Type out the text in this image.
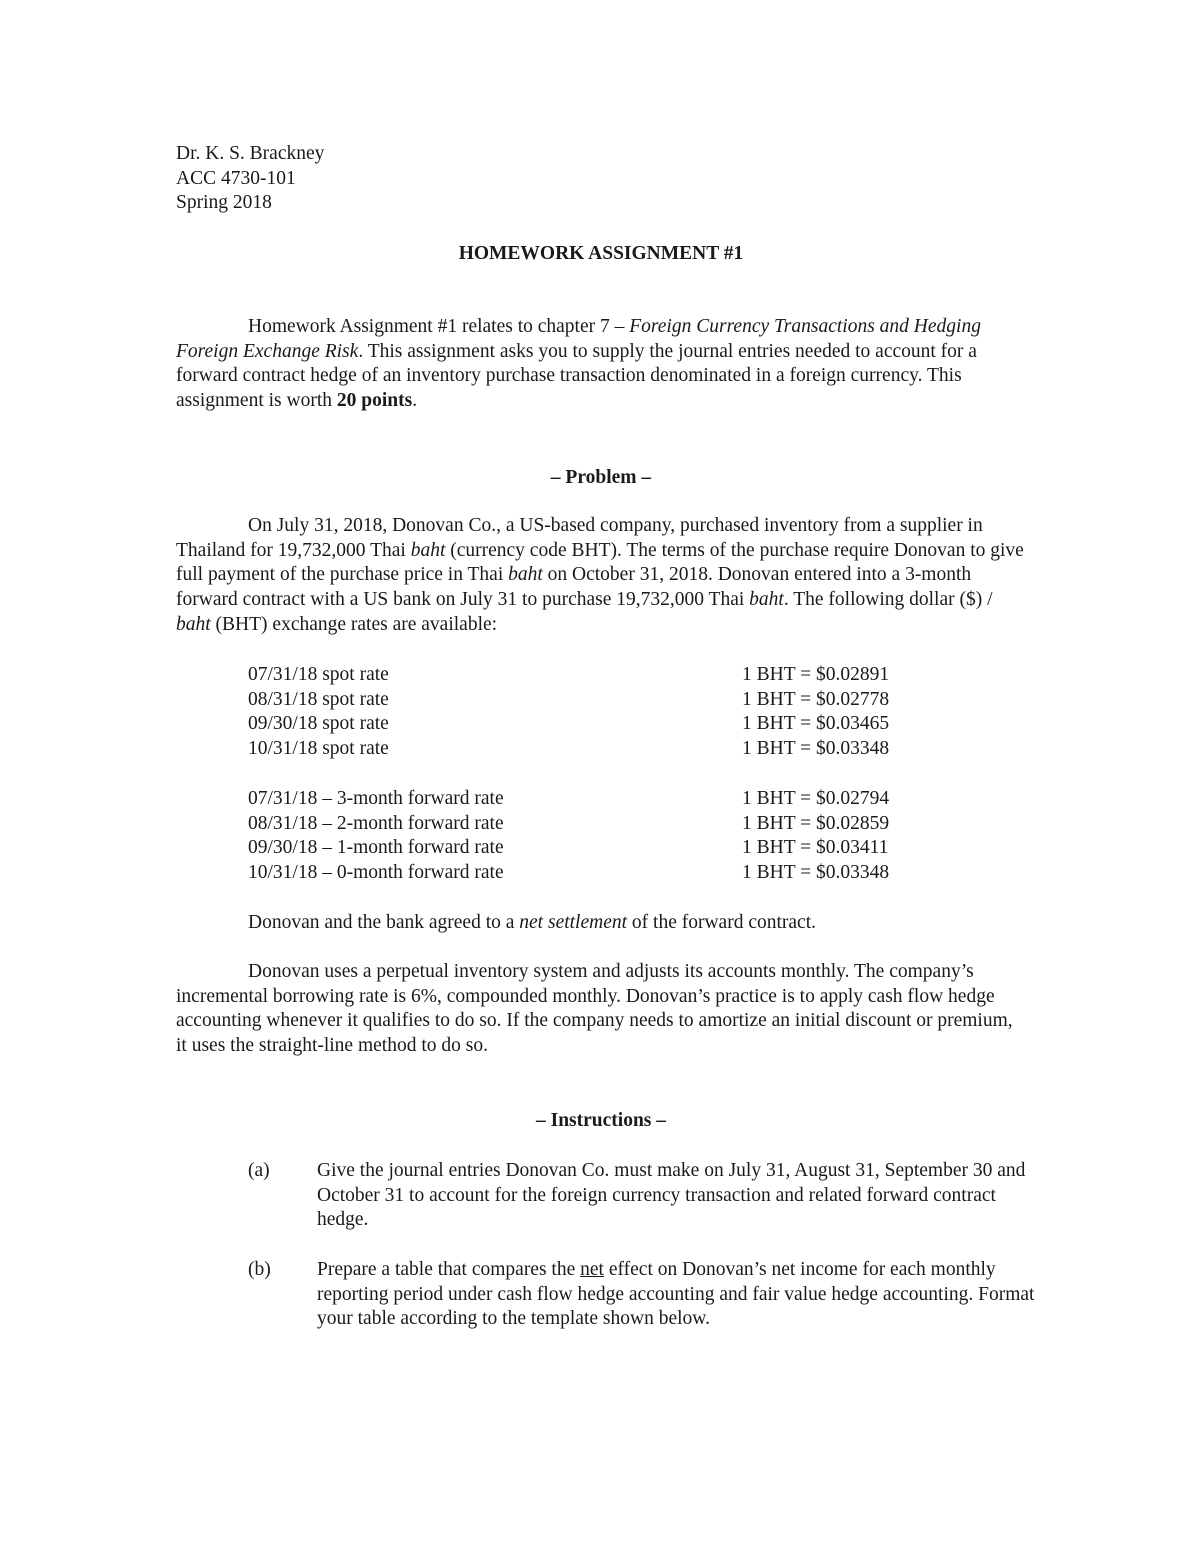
Dr. K. S. Brackney
ACC 4730-101
Spring 2018
HOMEWORK ASSIGNMENT #1

Homework Assignment #1 relates to chapter 7 – Foreign Currency Transactions and Hedging Foreign Exchange Risk. This assignment asks you to supply the journal entries needed to account for a forward contract hedge of an inventory purchase transaction denominated in a foreign currency. This assignment is worth 20 points.

– Problem –

On July 31, 2018, Donovan Co., a US-based company, purchased inventory from a supplier in Thailand for 19,732,000 Thai baht (currency code BHT). The terms of the purchase require Donovan to give full payment of the purchase price in Thai baht on October 31, 2018. Donovan entered into a 3-month forward contract with a US bank on July 31 to purchase 19,732,000 Thai baht. The following dollar ($) / baht (BHT) exchange rates are available:

07/31/18 spot rate	1 BHT = $0.02891
08/31/18 spot rate	1 BHT = $0.02778
09/30/18 spot rate	1 BHT = $0.03465
10/31/18 spot rate	1 BHT = $0.03348
07/31/18 – 3-month forward rate	1 BHT = $0.02794
08/31/18 – 2-month forward rate	1 BHT = $0.02859
09/30/18 – 1-month forward rate	1 BHT = $0.03411
10/31/18 – 0-month forward rate	1 BHT = $0.03348

Donovan and the bank agreed to a net settlement of the forward contract.

Donovan uses a perpetual inventory system and adjusts its accounts monthly. The company’s incremental borrowing rate is 6%, compounded monthly. Donovan’s practice is to apply cash flow hedge accounting whenever it qualifies to do so. If the company needs to amortize an initial discount or premium, it uses the straight-line method to do so.

– Instructions –
(a) Give the journal entries Donovan Co. must make on July 31, August 31, September 30 and October 31 to account for the foreign currency transaction and related forward contract hedge.
(b) Prepare a table that compares the net effect on Donovan’s net income for each monthly reporting period under cash flow hedge accounting and fair value hedge accounting. Format your table according to the template shown below.
